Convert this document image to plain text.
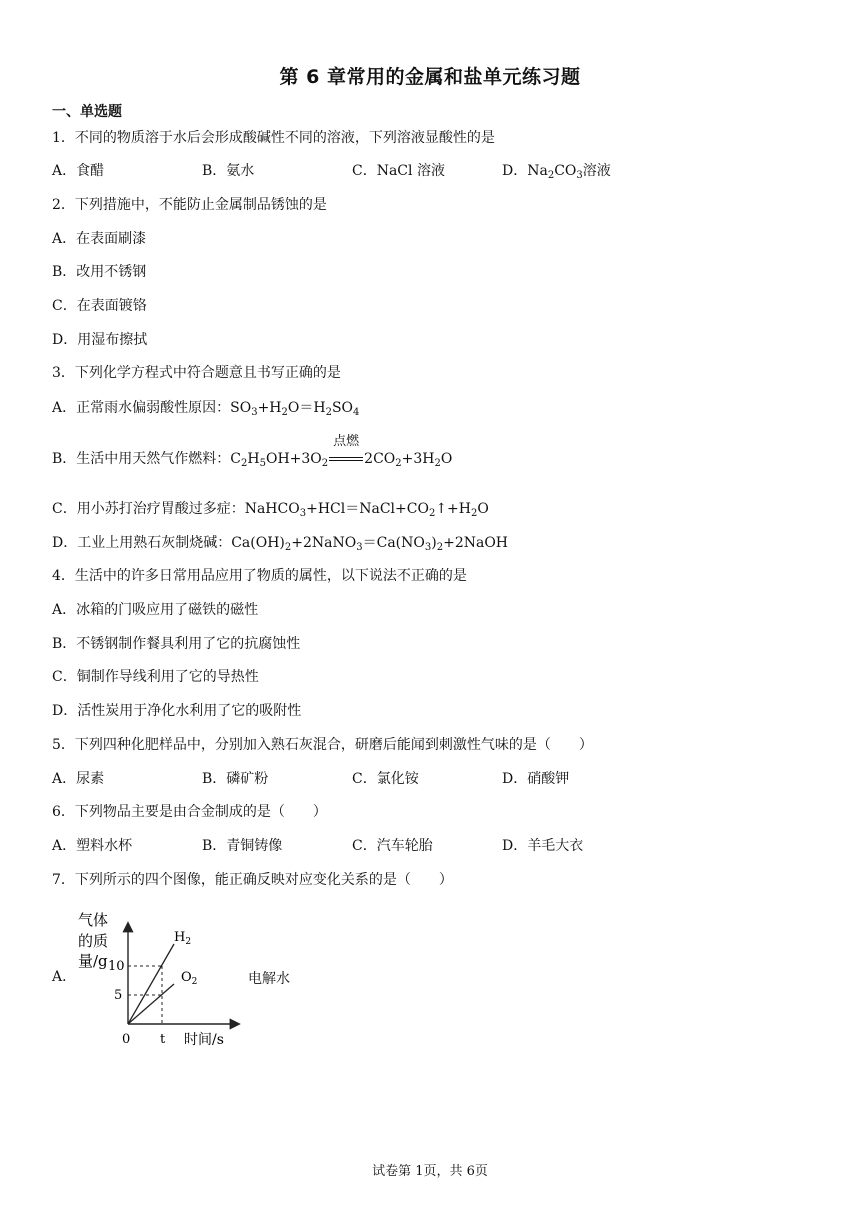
第 6 章常用的金属和盐单元练习题
一、单选题
1．不同的物质溶于水后会形成酸碱性不同的溶液，下列溶液显酸性的是
A．食醋	B．氨水	C．NaCl 溶液	D．$Na_2CO_3$溶液
2．下列措施中，不能防止金属制品锈蚀的是
A．在表面刷漆
B．改用不锈钢
C．在表面镀铬
D．用湿布擦拭
3．下列化学方程式中符合题意且书写正确的是
A．正常雨水偏弱酸性原因：$SO_3+H_2O=H_2SO_4$
B．生活中用天然气作燃料：$C_2H_5OH+3O_2$
点燃
$2CO_2+3H_2O$
C．用小苏打治疗胃酸过多症：$NaHCO_3+HCl=NaCl+CO_2↑+H_2O$
D．工业上用熟石灰制烧碱：$Ca(OH)_2+2NaNO_3=Ca(NO_3)_2+2NaOH$
4．生活中的许多日常用品应用了物质的属性，以下说法不正确的是
A．冰箱的门吸应用了磁铁的磁性
B．不锈钢制作餐具利用了它的抗腐蚀性
C．铜制作导线利用了它的导热性
D．活性炭用于净化水利用了它的吸附性
5．下列四种化肥样品中，分别加入熟石灰混合，研磨后能闻到刺激性气味的是（　　）
A．尿素	B．磷矿粉	C．氯化铵	D．硝酸钾
6．下列物品主要是由合金制成的是（　　）
A．塑料水杯	B．青铜铸像	C．汽车轮胎	D．羊毛大衣
7．下列所示的四个图像，能正确反映对应变化关系的是（　　）
A．
气体
的质
量/g 10
5
0 t 时间/s
$H_2$
$O_2$	电解水
试卷第 1页，共 6页
